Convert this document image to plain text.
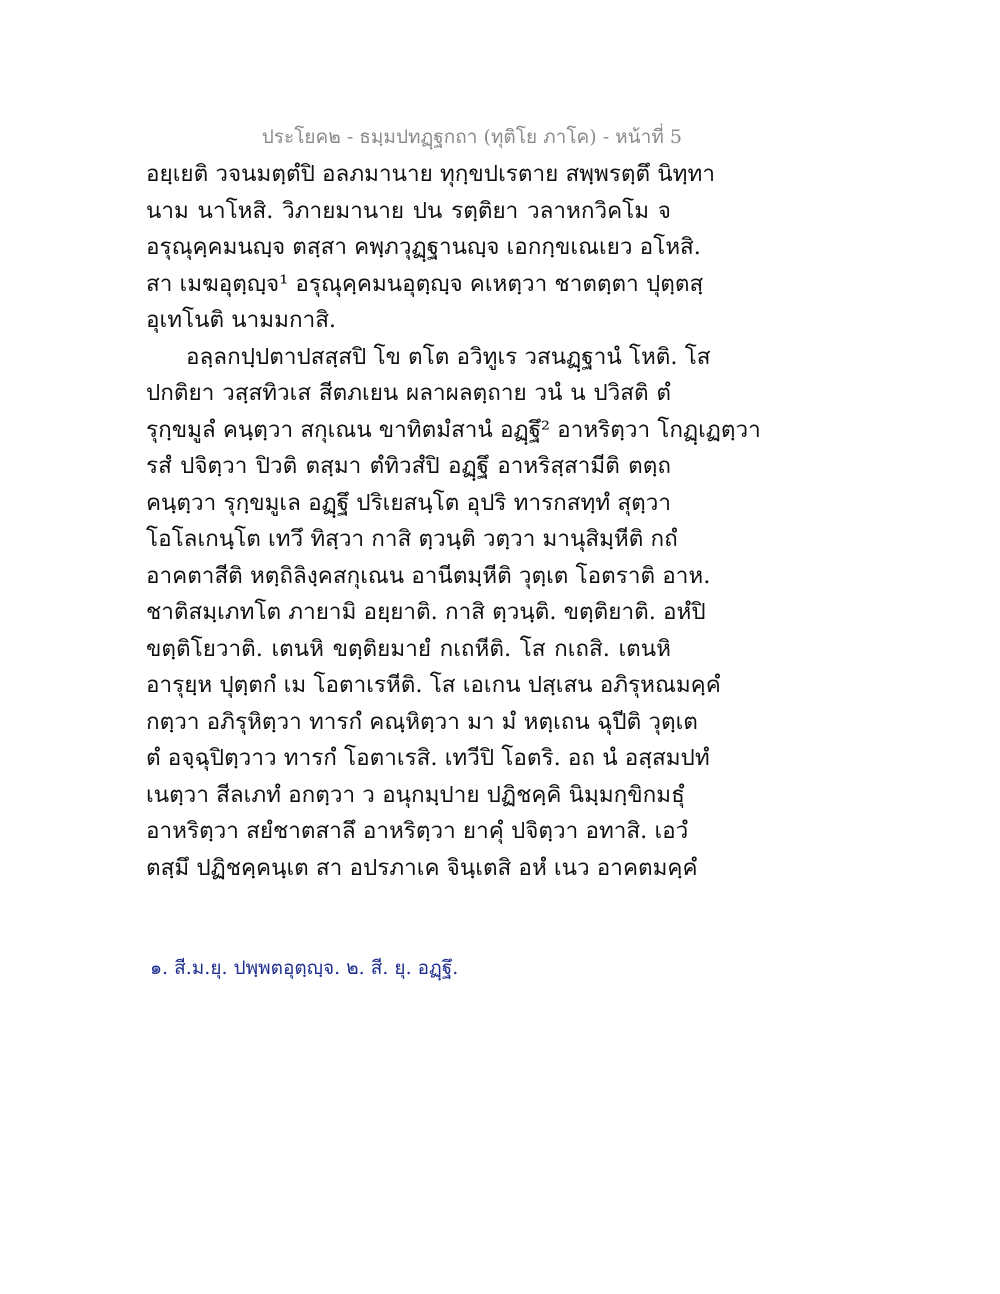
ประโยค๒ - ธมฺมปทฏฺฐกถา (ทุติโย ภาโค) - หน้าที่ 5
อยฺเยติ วจนมตฺตํปิ อลภมานาย ทุกฺขปเรตาย สพฺพรตฺตึ นิทฺทา
นาม นาโหสิ. วิภายมานาย ปน รตฺติยา วลาหกวิคโม จ
อรุณุคฺคมนญฺจ ตสฺสา คพฺภวุฏฺฐานญฺจ เอกกฺขเณเยว อโหสิ.
สา เมฆอุตฺญฺจ¹ อรุณุคฺคมนอุตฺญฺจ คเหตฺวา ชาตตฺตา ปุตฺตสฺ
อุเทโนติ นามมกาสิ.
อลฺลกปฺปตาปสสฺสปิ โข ตโต อวิทูเร วสนฏฺฐานํ โหติ. โส
ปกติยา วสฺสทิวเส สีตภเยน ผลาผลตฺถาย วนํ น ปวิสติ ตํ
รุกฺขมูลํ คนฺตฺวา สกุเณน ขาทิตมํสานํ อฏฺฐึ² อาหริตฺวา โกฏฺเฏตฺวา
รสํ ปจิตฺวา ปิวติ ตสฺมา ตํทิวสํปิ อฏฺฐึ อาหริสฺสามีติ ตตฺถ
คนฺตฺวา รุกฺขมูเล อฏฺฐึ ปริเยสนฺโต อุปริ ทารกสทฺทํ สุตฺวา
โอโลเกนฺโต เทวึ ทิสฺวา กาสิ ตฺวนฺติ วตฺวา มานุสิมฺหีติ กถํ
อาคตาสีติ หตฺถิลิงฺคสกุเณน อานีตมฺหีติ วุตฺเต โอตราติ อาห.
ชาติสมฺเภทโต ภายามิ อยฺยาติ. กาสิ ตฺวนฺติ. ขตฺติยาติ. อหํปิ
ขตฺติโยวาติ. เตนหิ ขตฺติยมายํ กเถหีติ. โส กเถสิ. เตนหิ
อารุยฺห ปุตฺตกํ เม โอตาเรหีติ. โส เอเกน ปสฺเสน อภิรุหณมคฺคํ
กตฺวา อภิรุหิตฺวา ทารกํ คณฺหิตฺวา มา มํ หตฺเถน ฉุปีติ วุตฺเต
ตํ อจฺฉุปิตฺวาว ทารกํ โอตาเรสิ. เทวีปิ โอตริ. อถ นํ อสฺสมปทํ
เนตฺวา สีลเภทํ อกตฺวา ว อนุกมฺปาย ปฏิชคฺคิ นิมฺมกฺขิกมธุํ
อาหริตฺวา สยํชาตสาลึ อาหริตฺวา ยาคุํ ปจิตฺวา อทาสิ. เอวํ
ตสฺมึ ปฏิชคฺคนฺเต สา อปรภาเค จินฺเตสิ อหํ เนว อาคตมคฺคํ
๑. สี.ม.ยุ. ปพฺพตอุตฺญฺจ. ๒. สี. ยุ. อฏฺฐึ.
